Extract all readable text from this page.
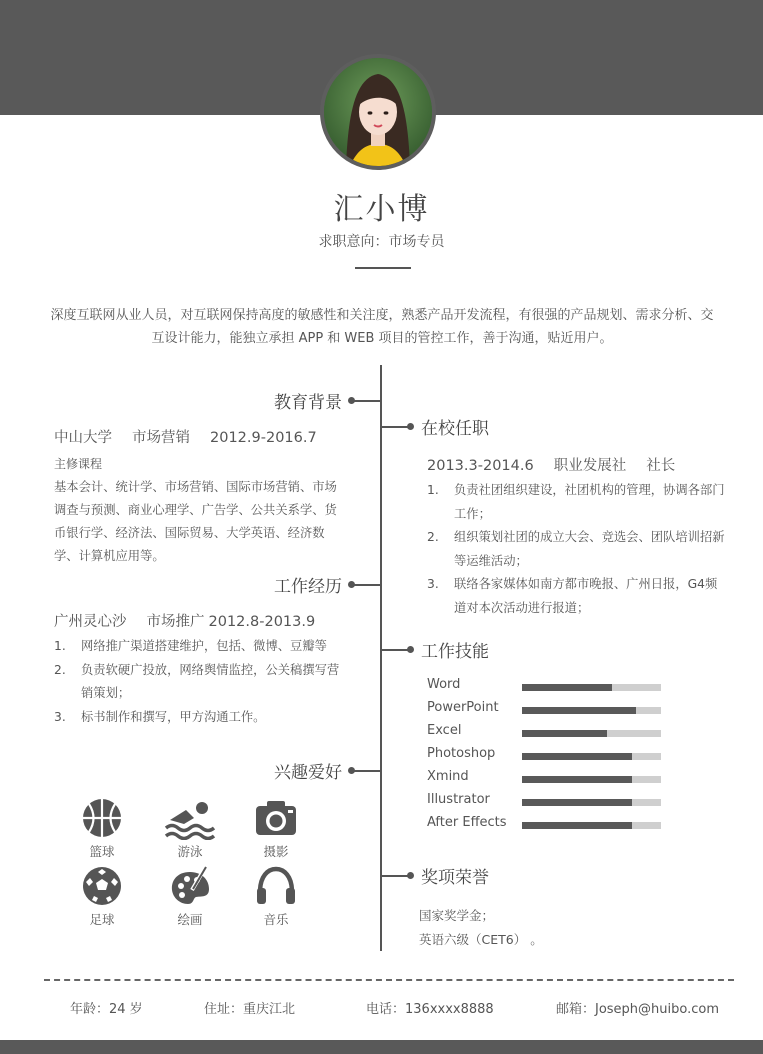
汇小博
求职意向：市场专员
深度互联网从业人员，对互联网保持高度的敏感性和关注度，熟悉产品开发流程，有很强的产品规划、需求分析、交
互设计能力，能独立承担 APP 和 WEB 项目的管控工作，善于沟通，贴近用户。
教育背景
工作经历
兴趣爱好
在校任职
工作技能
奖项荣誉
中山大学 市场营销 2012.9-2016.7
主修课程
基本会计、统计学、市场营销、国际市场营销、市场调查与预测、商业心理学、广告学、公共关系学、货币银行学、经济法、国际贸易、大学英语、经济数学、计算机应用等。
广州灵心沙 市场推广 2012.8-2013.9
1. 网络推广渠道搭建维护，包括、微博、豆瓣等
2. 负责软硬广投放，网络舆情监控，公关稿撰写营销策划；
3. 标书制作和撰写，甲方沟通工作。
篮球	游泳	摄影
足球	绘画	音乐
2013.3-2014.6 职业发展社 社长
1. 负责社团组织建设，社团机构的管理，协调各部门工作；
2. 组织策划社团的成立大会、竞选会、团队培训招新等运维活动；
3. 联络各家媒体如南方都市晚报、广州日报，G4频道对本次活动进行报道；
Word
PowerPoint
Excel
Photoshop
Xmind
Illustrator
After Effects
国家奖学金；
英语六级（CET6） 。
年龄：24 岁	住址：重庆江北	电话：136xxxx8888	邮箱：Joseph@huibo.com
